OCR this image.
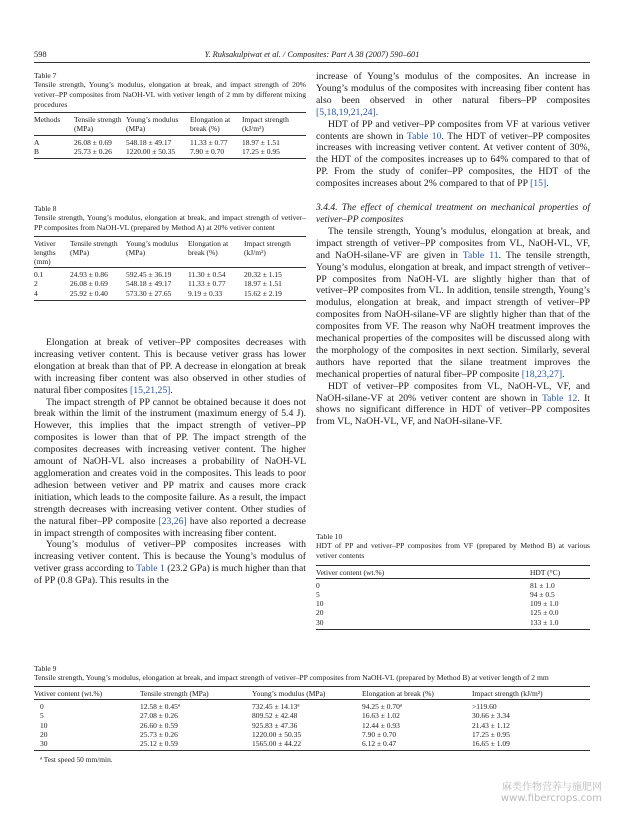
598	Y. Ruksakulpiwat et al. / Composites: Part A 38 (2007) 590–601
Table 7
Tensile strength, Young’s modulus, elongation at break, and impact strength of 20% vetiver–PP composites from NaOH-VL with vetiver length of 2 mm by different mixing procedures
Methods	Tensile strength (MPa)	Young’s modulus (MPa)	Elongation at break (%)	Impact strength (kJ/m²)
A	26.08 ± 0.69	548.18 ± 49.17	11.33 ± 0.77	18.97 ± 1.51
B	25.73 ± 0.26	1220.00 ± 50.35	7.90 ± 0.70	17.25 ± 0.95
Table 8
Tensile strength, Young’s modulus, elongation at break, and impact strength of vetiver–PP composites from NaOH-VL (prepared by Method A) at 20% vetiver content
Vetiver lengths (mm)	Tensile strength (MPa)	Young’s modulus (MPa)	Elongation at break (%)	Impact strength (kJ/m²)
0.1	24.93 ± 0.86	592.45 ± 36.19	11.30 ± 0.54	20.32 ± 1.15
2	26.08 ± 0.69	548.18 ± 49.17	11.33 ± 0.77	18.97 ± 1.51
4	25.92 ± 0.40	573.30 ± 27.65	9.19 ± 0.33	15.62 ± 2.19

Elongation at break of vetiver–PP composites decreases with increasing vetiver content. This is because vetiver grass has lower elongation at break than that of PP. A decrease in elongation at break with increasing fiber content was also observed in other studies of natural fiber composites [15,21,25].

The impact strength of PP cannot be obtained because it does not break within the limit of the instrument (maximum energy of 5.4 J). However, this implies that the impact strength of vetiver–PP composites is lower than that of PP. The impact strength of the composites decreases with increasing vetiver content. The higher amount of NaOH-VL also increases a probability of NaOH-VL agglomeration and creates void in the composites. This leads to poor adhesion between vetiver and PP matrix and causes more crack initiation, which leads to the composite failure. As a result, the impact strength decreases with increasing vetiver content. Other studies of the natural fiber–PP composite [23,26] have also reported a decrease in impact strength of composites with increasing fiber content.

Young’s modulus of vetiver–PP composites increases with increasing vetiver content. This is because the Young’s modulus of vetiver grass according to Table 1 (23.2 GPa) is much higher than that of PP (0.8 GPa). This results in the

increase of Young’s modulus of the composites. An increase in Young’s modulus of the composites with increasing fiber content has also been observed in other natural fibers–PP composites [5,18,19,21,24].

HDT of PP and vetiver–PP composites from VF at various vetiver contents are shown in Table 10. The HDT of vetiver–PP composites increases with increasing vetiver content. At vetiver content of 30%, the HDT of the composites increases up to 64% compared to that of PP. From the study of conifer–PP composites, the HDT of the composites increases about 2% compared to that of PP [15].

3.4.4. The effect of chemical treatment on mechanical properties of vetiver–PP composites

The tensile strength, Young’s modulus, elongation at break, and impact strength of vetiver–PP composites from VL, NaOH-VL, VF, and NaOH-silane-VF are given in Table 11. The tensile strength, Young’s modulus, elongation at break, and impact strength of vetiver–PP composites from NaOH-VL are slightly higher than that of vetiver–PP composites from VL. In addition, tensile strength, Young’s modulus, elongation at break, and impact strength of vetiver–PP composites from NaOH-silane-VF are slightly higher than that of the composites from VF. The reason why NaOH treatment improves the mechanical properties of the composites will be discussed along with the morphology of the composites in next section. Similarly, several authors have reported that the silane treatment improves the mechanical properties of natural fiber–PP composite [18,23,27].

HDT of vetiver–PP composites from VL, NaOH-VL, VF, and NaOH-silane-VF at 20% vetiver content are shown in Table 12. It shows no significant difference in HDT of vetiver–PP composites from VL, NaOH-VL, VF, and NaOH-silane-VF.

Table 10
HDT of PP and vetiver–PP composites from VF (prepared by Method B) at various vetiver contents
Vetiver content (wt.%)	HDT (°C)
0	81 ± 1.0
5	94 ± 0.5
10	109 ± 1.0
20	125 ± 0.0
30	133 ± 1.0
Table 9
Tensile strength, Young’s modulus, elongation at break, and impact strength of vetiver–PP composites from NaOH-VL (prepared by Method B) at vetiver length of 2 mm
Vetiver content (wt.%)	Tensile strength (MPa)	Young’s modulus (MPa)	Elongation at break (%)	Impact strength (kJ/m²)
0	12.58 ± 0.45ª	732.45 ± 14.13ª	94.25 ± 0.70ª	>119.60
5	27.08 ± 0.26	809.52 ± 42.48	16.63 ± 1.02	30.66 ± 3.34
10	26.60 ± 0.59	925.83 ± 47.36	12.44 ± 0.93	21.43 ± 1.12
20	25.73 ± 0.26	1220.00 ± 50.35	7.90 ± 0.70	17.25 ± 0.95
30	25.12 ± 0.59	1565.00 ± 44.22	6.12 ± 0.47	16.65 ± 1.09
ª Test speed 50 mm/min.
麻类作物营养与施肥网
www.fibercrops.com
